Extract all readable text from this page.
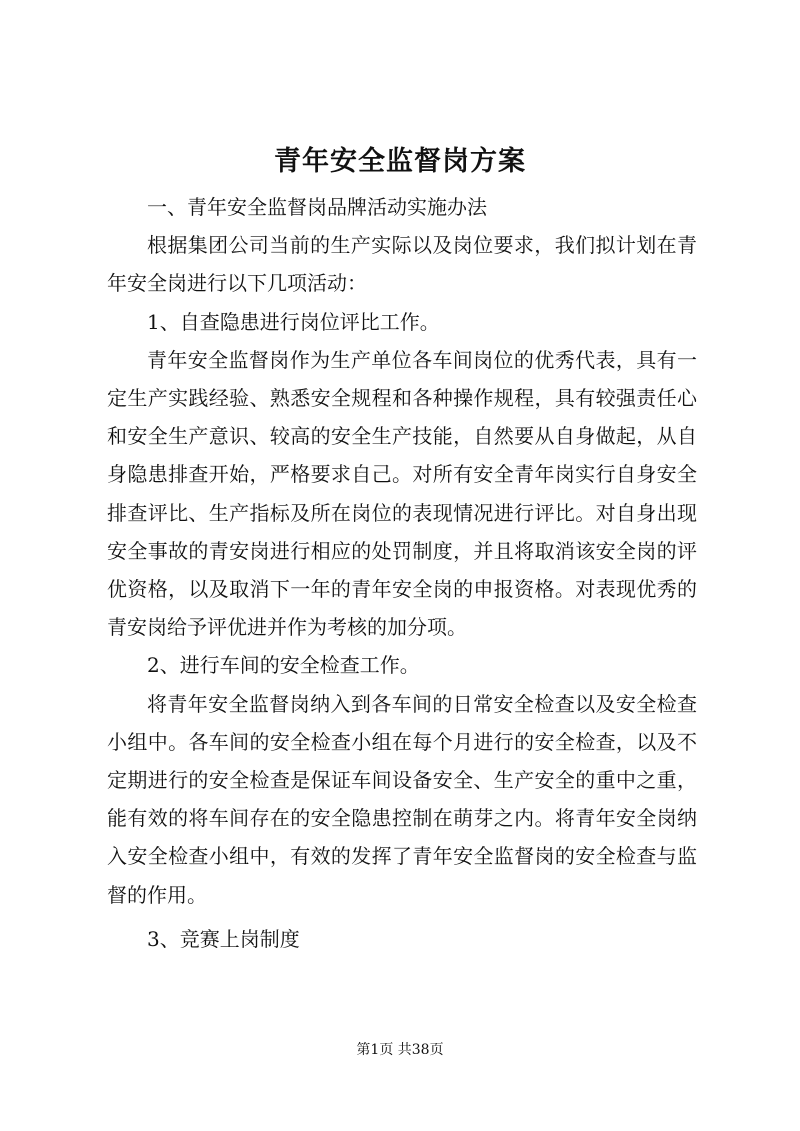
青年安全监督岗方案

一、青年安全监督岗品牌活动实施办法

根据集团公司当前的生产实际以及岗位要求，我们拟计划在青年安全岗进行以下几项活动：

1、自查隐患进行岗位评比工作。

青年安全监督岗作为生产单位各车间岗位的优秀代表，具有一定生产实践经验、熟悉安全规程和各种操作规程，具有较强责任心和安全生产意识、较高的安全生产技能，自然要从自身做起，从自身隐患排查开始，严格要求自己。对所有安全青年岗实行自身安全排查评比、生产指标及所在岗位的表现情况进行评比。对自身出现安全事故的青安岗进行相应的处罚制度，并且将取消该安全岗的评优资格，以及取消下一年的青年安全岗的申报资格。对表现优秀的青安岗给予评优进并作为考核的加分项。

2、进行车间的安全检查工作。

将青年安全监督岗纳入到各车间的日常安全检查以及安全检查小组中。各车间的安全检查小组在每个月进行的安全检查，以及不定期进行的安全检查是保证车间设备安全、生产安全的重中之重，能有效的将车间存在的安全隐患控制在萌芽之内。将青年安全岗纳入安全检查小组中，有效的发挥了青年安全监督岗的安全检查与监督的作用。

3、竞赛上岗制度

第1页 共38页
